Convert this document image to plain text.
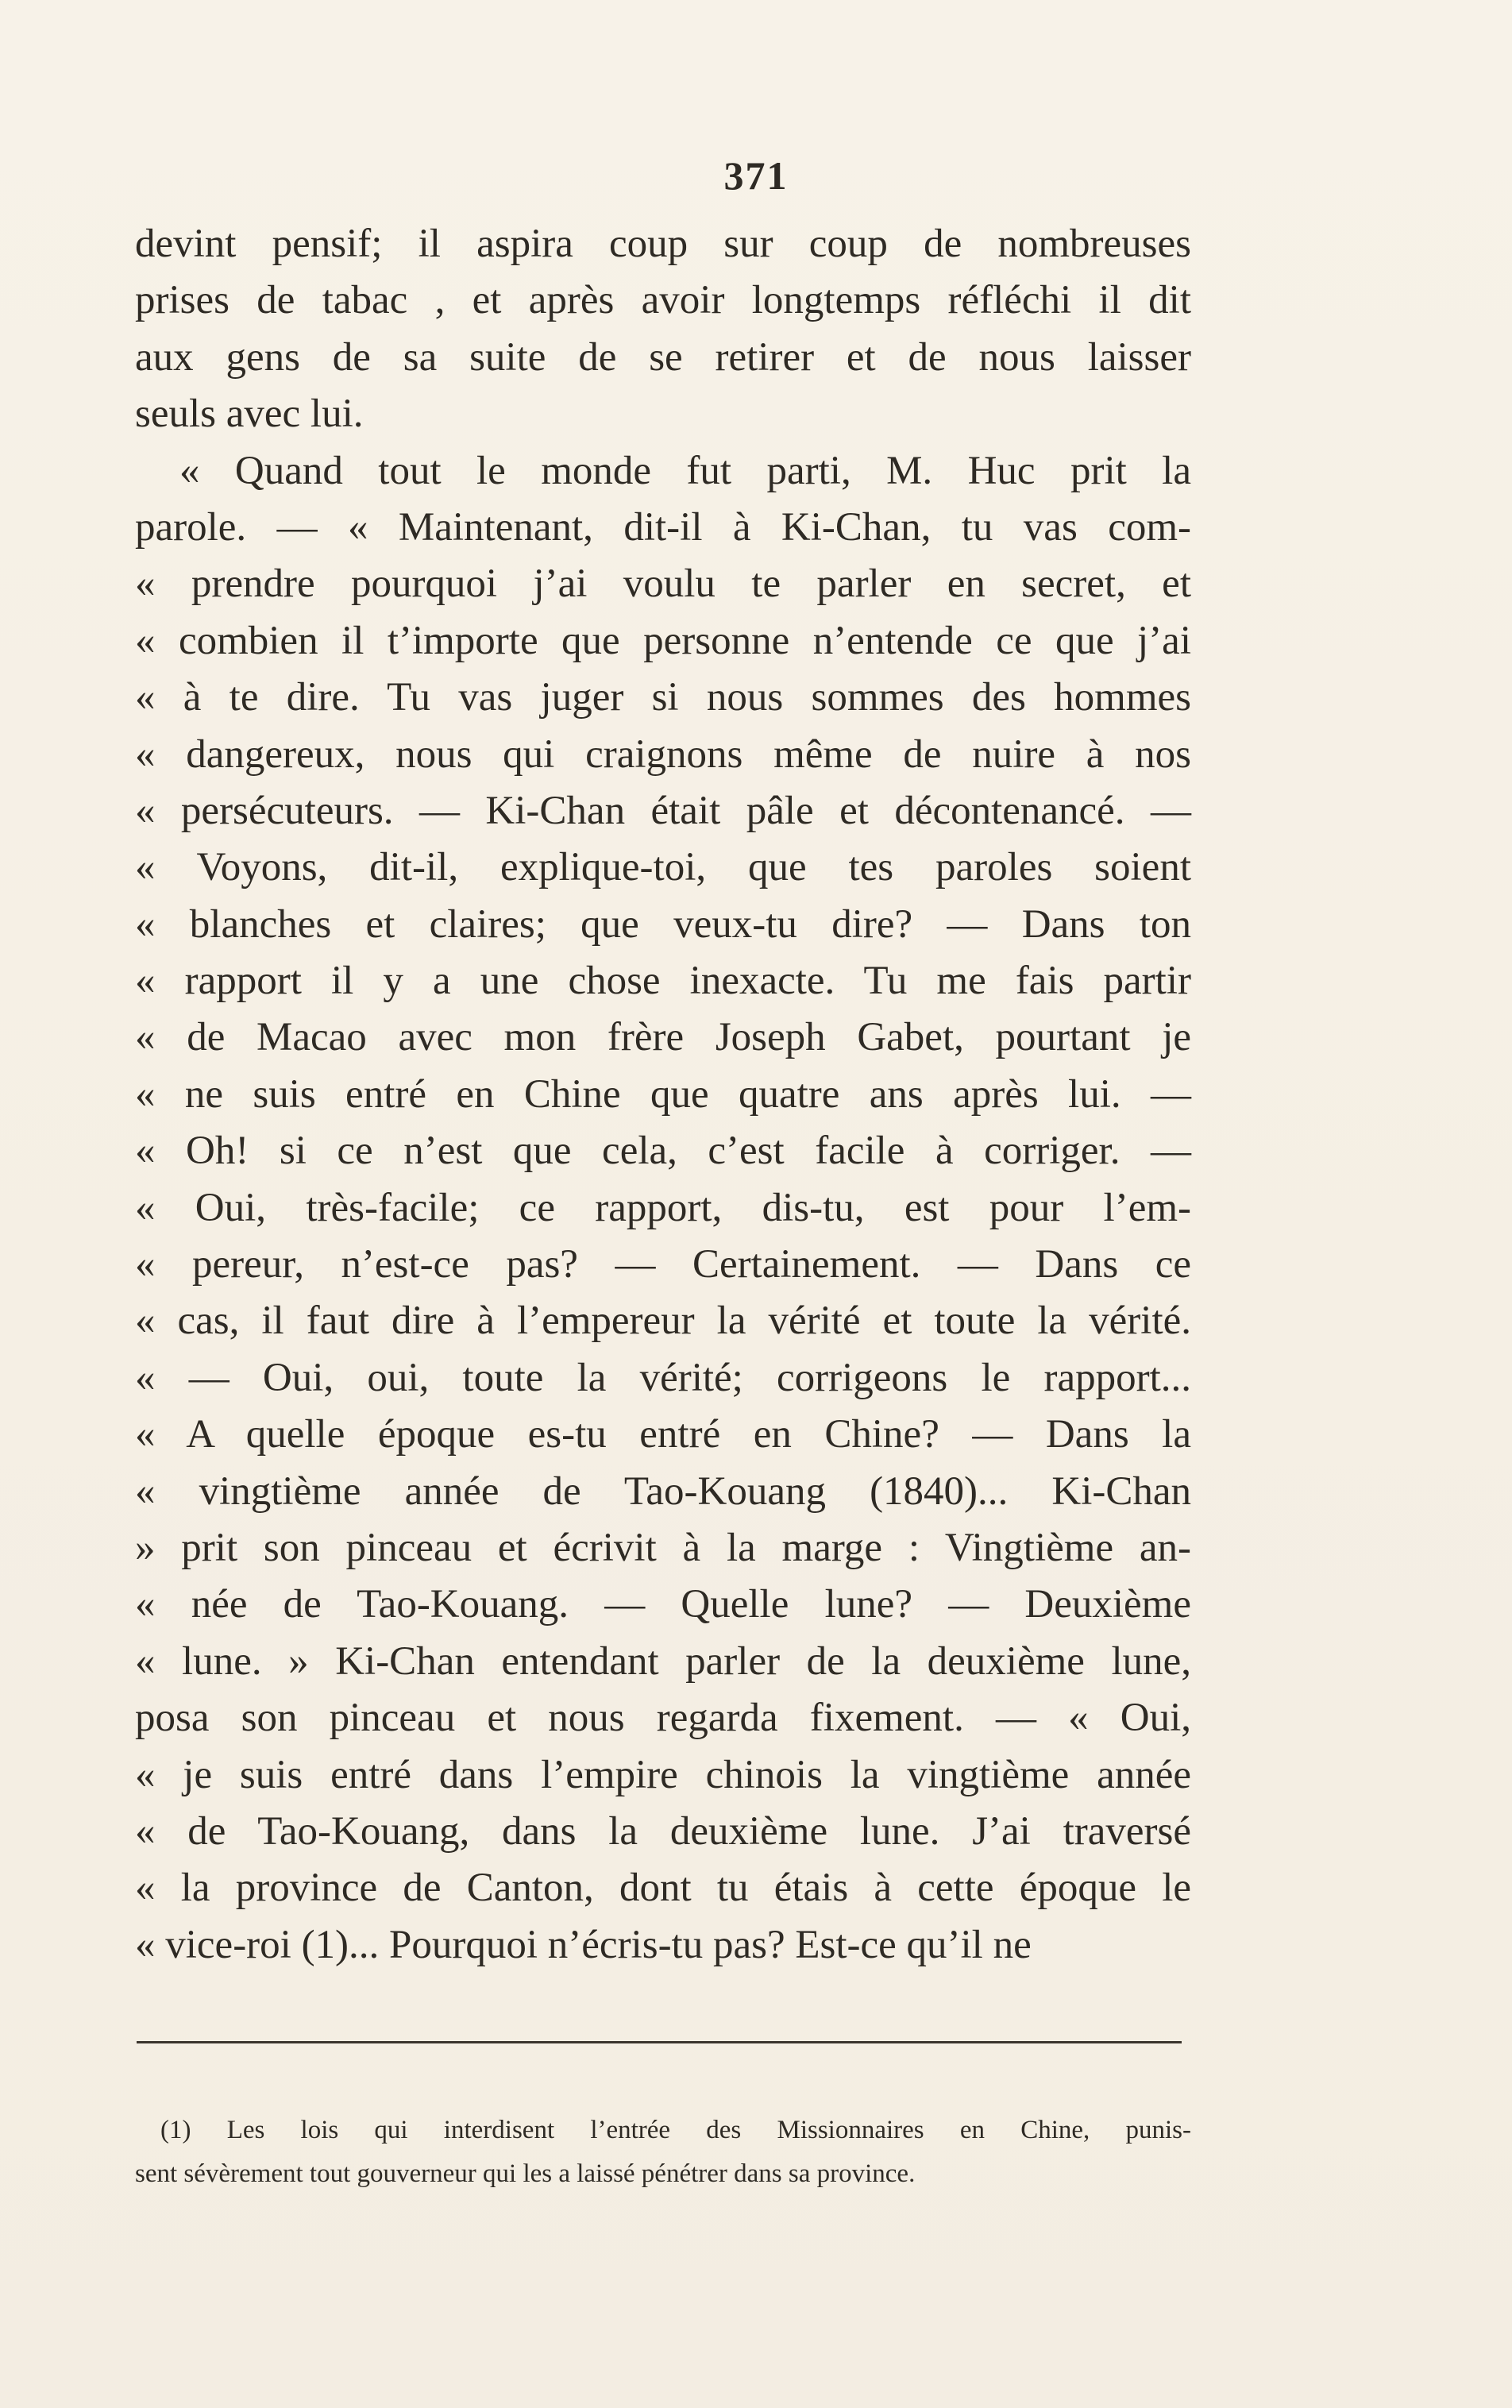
371
devint pensif; il aspira coup sur coup de nombreuses
prises de tabac , et après avoir longtemps réfléchi il dit
aux gens de sa suite de se retirer et de nous laisser
seuls avec lui.
« Quand tout le monde fut parti, M. Huc prit la
parole. — « Maintenant, dit-il à Ki-Chan, tu vas com-
« prendre pourquoi j’ai voulu te parler en secret, et
« combien il t’importe que personne n’entende ce que j’ai
« à te dire. Tu vas juger si nous sommes des hommes
« dangereux, nous qui craignons même de nuire à nos
« persécuteurs. — Ki-Chan était pâle et décontenancé. —
« Voyons, dit-il, explique-toi, que tes paroles soient
« blanches et claires; que veux-tu dire? — Dans ton
« rapport il y a une chose inexacte. Tu me fais partir
« de Macao avec mon frère Joseph Gabet, pourtant je
« ne suis entré en Chine que quatre ans après lui. —
« Oh! si ce n’est que cela, c’est facile à corriger. —
« Oui, très-facile; ce rapport, dis-tu, est pour l’em-
« pereur, n’est-ce pas? — Certainement. — Dans ce
« cas, il faut dire à l’empereur la vérité et toute la vérité.
« — Oui, oui, toute la vérité; corrigeons le rapport...
« A quelle époque es-tu entré en Chine? — Dans la
« vingtième année de Tao-Kouang (1840)... Ki-Chan
» prit son pinceau et écrivit à la marge : Vingtième an-
« née de Tao-Kouang. — Quelle lune? — Deuxième
« lune. » Ki-Chan entendant parler de la deuxième lune,
posa son pinceau et nous regarda fixement. — « Oui,
« je suis entré dans l’empire chinois la vingtième année
« de Tao-Kouang, dans la deuxième lune. J’ai traversé
« la province de Canton, dont tu étais à cette époque le
« vice-roi (1)... Pourquoi n’écris-tu pas? Est-ce qu’il ne
(1) Les lois qui interdisent l’entrée des Missionnaires en Chine, punis-
sent sévèrement tout gouverneur qui les a laissé pénétrer dans sa province.
